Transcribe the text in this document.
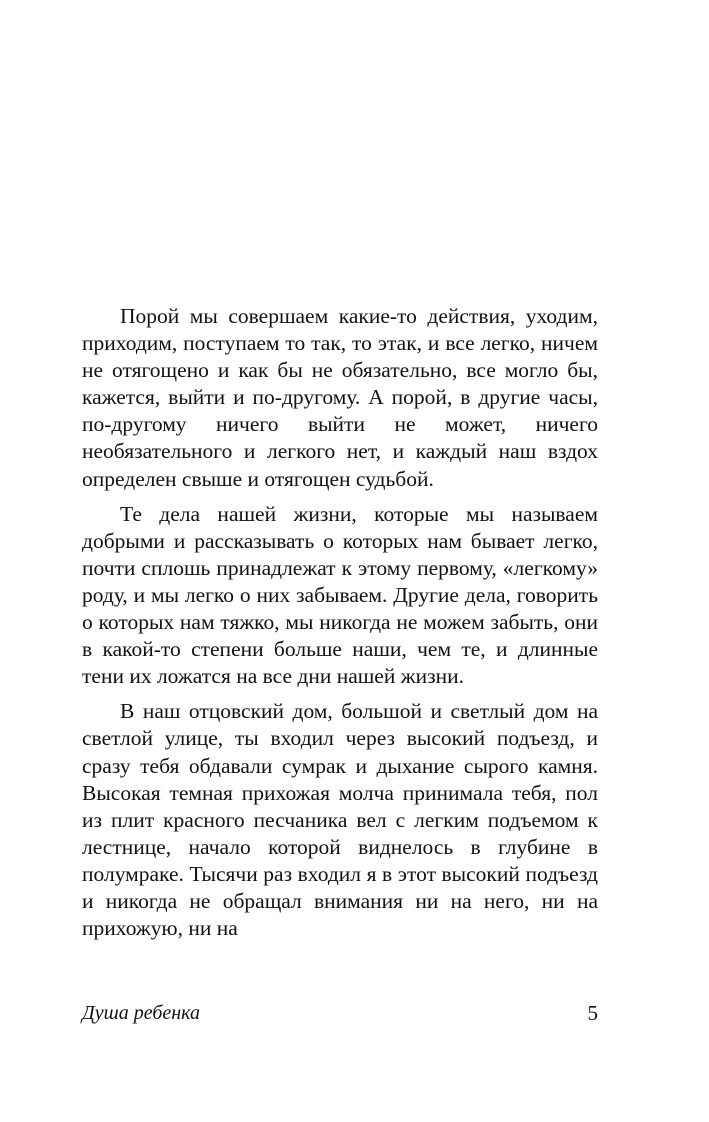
Порой мы совершаем какие-то действия, уходим, приходим, поступаем то так, то этак, и все легко, ничем не отягощено и как бы не обязательно, все могло бы, кажется, выйти и по-другому. А порой, в другие часы, по-другому ничего выйти не может, ничего необязательного и легкого нет, и каждый наш вздох определен свыше и отягощен судьбой.

Те дела нашей жизни, которые мы называем добрыми и рассказывать о которых нам бывает легко, почти сплошь принадлежат к этому первому, «легкому» роду, и мы легко о них забываем. Другие дела, говорить о которых нам тяжко, мы никогда не можем забыть, они в какой-то степени больше наши, чем те, и длинные тени их ложатся на все дни нашей жизни.

В наш отцовский дом, большой и светлый дом на светлой улице, ты входил через высокий подъезд, и сразу тебя обдавали сумрак и дыхание сырого камня. Высокая темная прихожая молча принимала тебя, пол из плит красного песчаника вел с легким подъемом к лестнице, начало которой виднелось в глубине в полумраке. Тысячи раз входил я в этот высокий подъезд и никогда не обращал внимания ни на него, ни на прихожую, ни на

Душа ребенка	5
